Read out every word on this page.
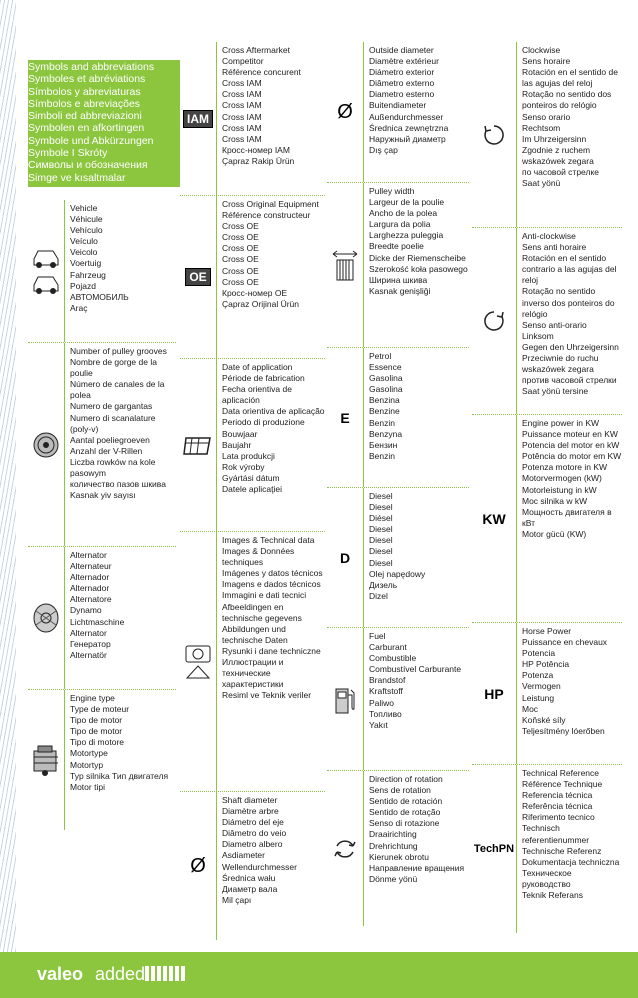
Symbols and abbreviations
Symboles et abréviations
Símbolos y abreviaturas
Símbolos e abreviações
Simboli ed abbreviazioni
Symbolen en afkortingen
Symbole und Abkürzungen
Symbole I Skróty
Символы и обозначения
Simge ve kısaltmalar
Vehicle
Véhicule
Vehículo
Veículo
Veicolo
Voertuig
Fahrzeug
Pojazd
АВТОМОБИЛЬ
Araç
Number of pulley grooves
Nombre de gorge de la poulie
Número de canales de la polea
Numero de gargantas
Numero di scanalature (poly-v)
Aantal poeliegroeven
Anzahl der V-Rillen
Liczba rowków na kole pasowym
количество пазов шкива
Kasnak yiv sayısı
Alternator
Alternateur
Alternador
Alternador
Alternatore
Dynamo
Lichtmaschine
Alternator
Генератор
Alternatör
Engine type
Type de moteur
Tipo de motor
Tipo de motor
Tipo di motore
Motortype
Motortyp
Typ silnika Тип двигателя
Motor tipi
IAM
Cross Aftermarket Competitor
Référence concurent
Cross IAM
Cross IAM
Cross IAM
Cross IAM
Cross IAM
Cross IAM
Кросс-номер IAM
Çapraz Rakip Ürün
OE
Cross Original Equipment
Référence constructeur
Cross OE
Cross OE
Cross OE
Cross OE
Cross OE
Cross OE
Кросс-номер OE
Çapraz Orijinal Ürün
Date of application
Période de fabrication
Fecha orientiva de aplicación
Data orientiva de aplicação
Periodo di produzione
Bouwjaar
Baujahr
Lata produkcji
Rok výroby
Gyártási dátum
Datele aplicaţiei
Images & Technical data
Images & Données techniques
Imágenes y datos técnicos
Imagens e dados técnicos
Immagini e dati tecnici
Afbeeldingen en technische gegevens
Abbildungen und technische Daten
Rysunki i dane techniczne
Иллюстрации и технические характеристики
Resiml ve Teknik veriler
Ø
Shaft diameter
Diamètre arbre
Diámetro del eje
Diâmetro do veio
Diametro albero
Asdiameter
Wellendurchmesser
Średnica wału
Диаметр вала
Mil çapı
Ø
Outside diameter
Diamètre extérieur
Diámetro exterior
Diâmetro externo
Diametro esterno
Buitendiameter
Außendurchmesser
Średnica zewnętrzna
Наружный диаметр
Dış çap
Pulley width
Largeur de la poulie
Ancho de la polea
Largura da polia
Larghezza puleggia
Breedte poelie
Dicke der Riemenscheibe
Szerokość koła pasowego
Ширина шкива
Kasnak genişliği
E
Petrol
Essence
Gasolina
Gasolina
Benzina
Benzine
Benzin
Benzyna
Бензин
Benzin
D
Diesel
Diesel
Diésel
Diesel
Diesel
Diesel
Diesel
Olej napędowy
Дизель
Dizel
Fuel
Carburant
Combustible
Combustível Carburante
Brandstof
Kraftstoff
Paliwo
Топливо
Yakıt
Direction of rotation
Sens de rotation
Sentido de rotación
Sentido de rotação
Senso di rotazione
Draairichting
Drehrichtung
Kierunek obrotu
Направление вращения
Dönme yönü
Clockwise
Sens horaire
Rotación en el sentido de las agujas del reloj
Rotação no sentido dos ponteiros do relógio
Senso orario
Rechtsom
Im Uhrzeigersinn
Zgodnie z ruchem wskazówek zegara
по часовой стрелке
Saat yönü
Anti-clockwise
Sens anti horaire
Rotación en el sentido contrario a las agujas del reloj
Rotação no sentido inverso dos ponteiros do relógio
Senso anti-orario
Linksom
Gegen den Uhrzeigersinn
Przeciwnie do ruchu wskazówek zegara
против часовой стрелки
Saat yönü tersine
KW
Engine power in KW
Puissance moteur en KW
Potencia del motor en kW
Potência do motor em KW
Potenza motore in KW
Motorvermogen (kW)
Motorleistung in kW
Moc silnika w kW
Мощность двигателя в кВт
Motor gücü (KW)
HP
Horse Power
Puissance en chevaux
Potencia
HP Potência
Potenza
Vermogen
Leistung
Moc
Koňské síly
Teljesítmény lóerőben
TechPN
Technical Reference
Référence Technique
Referencia técnica
Referência técnica
Riferimento tecnico
Technisch referentienummer
Technische Referenz
Dokumentacja techniczna
Техническое руководство
Teknik Referans
valeo added
